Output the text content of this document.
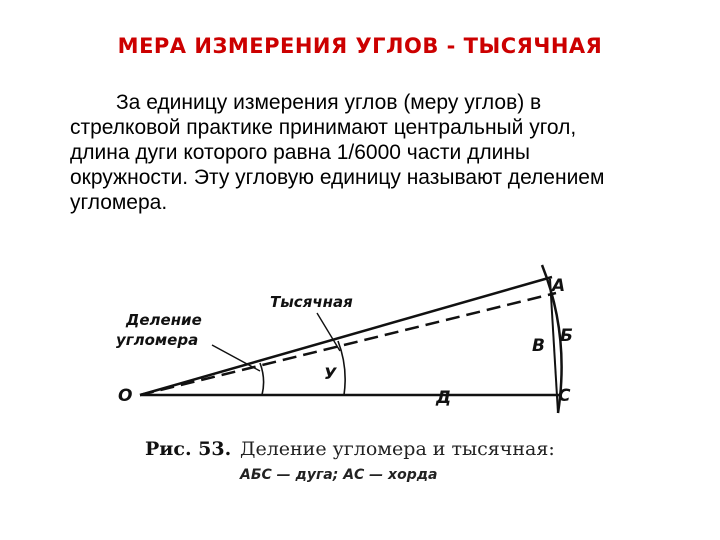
МЕРА ИЗМЕРЕНИЯ УГЛОВ - ТЫСЯЧНАЯ

За единицу измерения углов (меру углов) в стрелковой практике принимают центральный угол, длина дуги которого равна 1/6000 части длины окружности. Эту угловую единицу называют делением угломера.

Деление
угломера
Тысячная
О
А
Б
В
С
Д
У
Рис. 53. Деление угломера и тысячная:
АБС — дуга; АС — хорда
